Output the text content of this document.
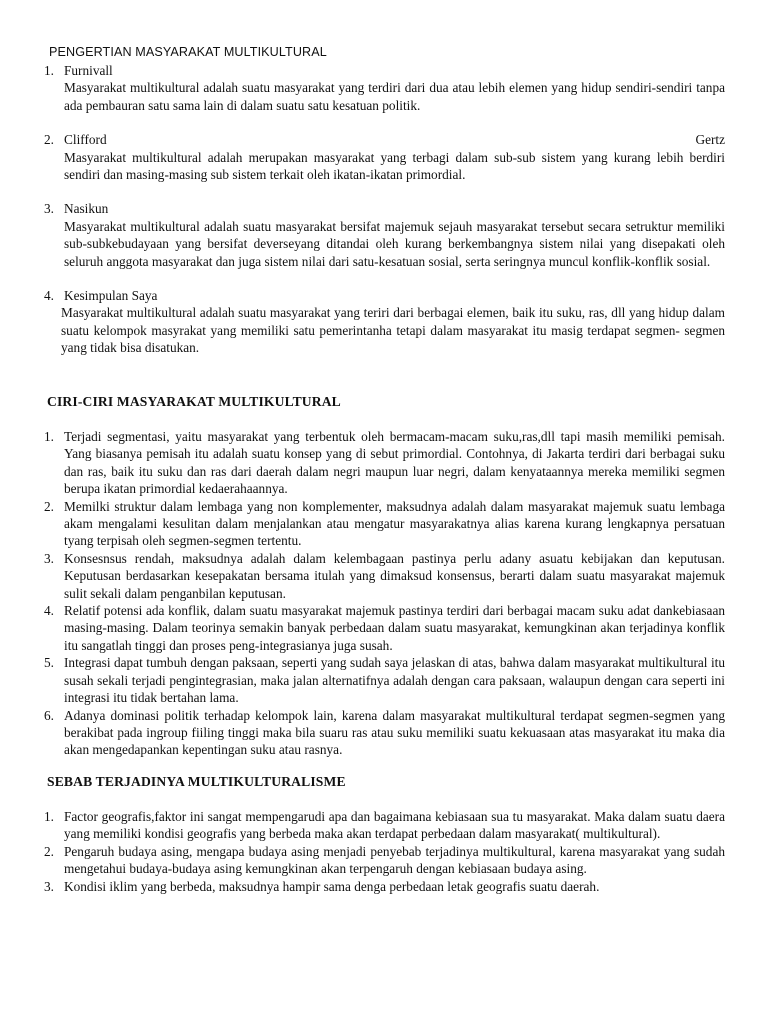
PENGERTIAN MASYARAKAT MULTIKULTURAL
1. Furnivall
Masyarakat multikultural adalah suatu masyarakat yang terdiri dari dua atau lebih elemen yang hidup sendiri-sendiri tanpa ada pembauran satu sama lain di dalam suatu satu kesatuan politik.
2. Clifford	Gertz
Masyarakat multikultural adalah merupakan masyarakat yang terbagi dalam sub-sub sistem yang kurang lebih berdiri sendiri dan masing-masing sub sistem terkait oleh ikatan-ikatan primordial.
3. Nasikun
Masyarakat multikultural adalah suatu masyarakat bersifat majemuk sejauh masyarakat tersebut secara setruktur memiliki sub-subkebudayaan yang bersifat deverseyang ditandai oleh kurang berkembangnya sistem nilai yang disepakati oleh seluruh anggota masyarakat dan juga sistem nilai dari satu-kesatuan sosial, serta seringnya muncul konflik-konflik sosial.
4. Kesimpulan Saya
Masyarakat multikultural adalah suatu masyarakat yang teriri dari berbagai elemen, baik itu suku, ras, dll yang hidup dalam suatu kelompok masyrakat yang memiliki satu pemerintanha tetapi dalam masyarakat itu masig terdapat segmen- segmen yang tidak bisa disatukan.
CIRI-CIRI MASYARAKAT MULTIKULTURAL
1. Terjadi segmentasi, yaitu masyarakat yang terbentuk oleh bermacam-macam suku,ras,dll tapi masih memiliki pemisah. Yang biasanya pemisah itu adalah suatu konsep yang di sebut primordial. Contohnya, di Jakarta terdiri dari berbagai suku dan ras, baik itu suku dan ras dari daerah dalam negri maupun luar negri, dalam kenyataannya mereka memiliki segmen berupa ikatan primordial kedaerahaannya.
2. Memilki struktur dalam lembaga yang non komplementer, maksudnya adalah dalam masyarakat majemuk suatu lembaga akam mengalami kesulitan dalam menjalankan atau mengatur masyarakatnya alias karena kurang lengkapnya persatuan tyang terpisah oleh segmen-segmen tertentu.
3. Konsesnsus rendah, maksudnya adalah dalam kelembagaan pastinya perlu adany asuatu kebijakan dan keputusan. Keputusan berdasarkan kesepakatan bersama itulah yang dimaksud konsensus, berarti dalam suatu masyarakat majemuk sulit sekali dalam penganbilan keputusan.
4. Relatif potensi ada konflik, dalam suatu masyarakat majemuk pastinya terdiri dari berbagai macam suku adat dankebiasaan masing-masing. Dalam teorinya semakin banyak perbedaan dalam suatu masyarakat, kemungkinan akan terjadinya konflik itu sangatlah tinggi dan proses peng-integrasianya juga susah.
5. Integrasi dapat tumbuh dengan paksaan, seperti yang sudah saya jelaskan di atas, bahwa dalam masyarakat multikultural itu susah sekali terjadi pengintegrasian, maka jalan alternatifnya adalah dengan cara paksaan, walaupun dengan cara seperti ini integrasi itu tidak bertahan lama.
6. Adanya dominasi politik terhadap kelompok lain, karena dalam masyarakat multikultural terdapat segmen-segmen yang berakibat pada ingroup fiiling tinggi maka bila suaru ras atau suku memiliki suatu kekuasaan atas masyarakat itu maka dia akan mengedapankan kepentingan suku atau rasnya.
SEBAB TERJADINYA MULTIKULTURALISME
1. Factor geografis,faktor ini sangat mempengarudi apa dan bagaimana kebiasaan sua tu masyarakat. Maka dalam suatu daera yang memiliki kondisi geografis yang berbeda maka akan terdapat perbedaan dalam masyarakat( multikultural).
2. Pengaruh budaya asing, mengapa budaya asing menjadi penyebab terjadinya multikultural, karena masyarakat yang sudah mengetahui budaya-budaya asing kemungkinan akan terpengaruh dengan kebiasaan budaya asing.
3. Kondisi iklim yang berbeda, maksudnya hampir sama denga perbedaan letak geografis suatu daerah.
